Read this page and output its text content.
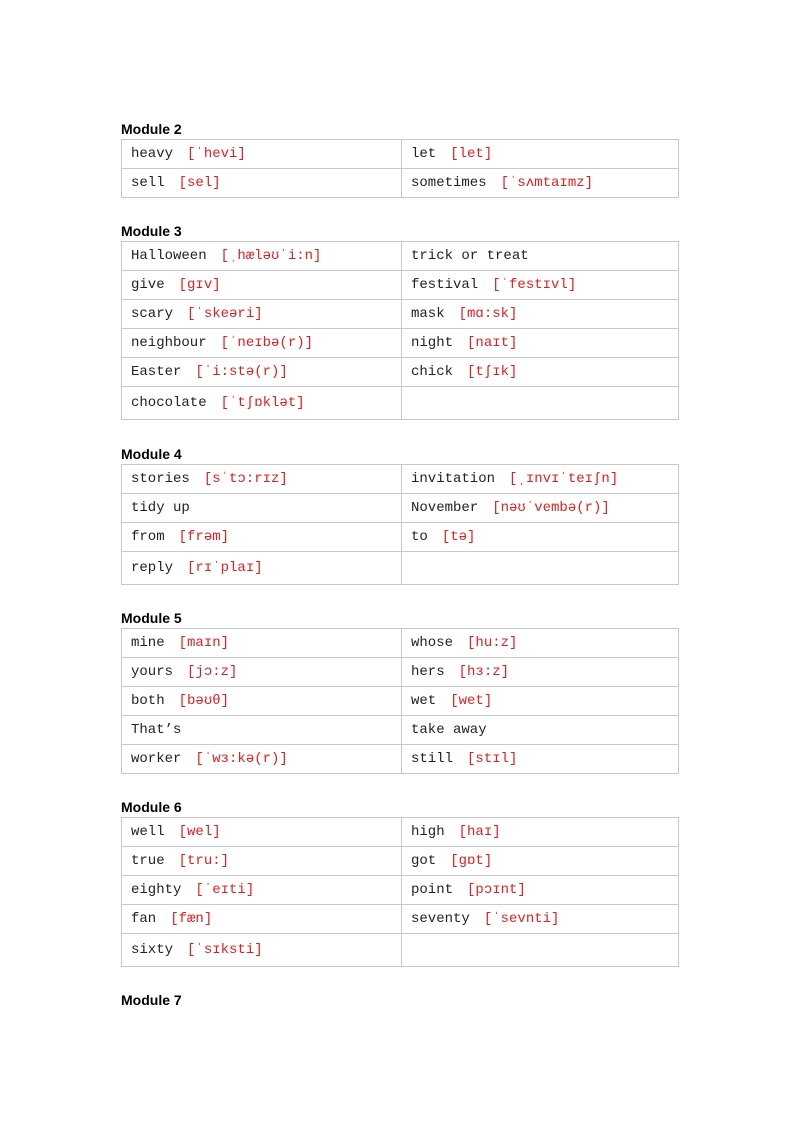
Module 2
heavy [ˈhevi]	let [let]
sell [sel]	sometimes [ˈsʌmtaɪmz]
Module 3
Halloween [ˌhæləʊˈi:n]	trick or treat
give [gɪv]	festival [ˈfestɪvl]
scary [ˈskeəri]	mask [mɑ:sk]
neighbour [ˈneɪbə(r)]	night [naɪt]
Easter [ˈi:stə(r)]	chick [tʃɪk]
chocolate [ˈtʃɒklət]	
Module 4
stories [sˈtɔ:rɪz]	invitation [ˌɪnvɪˈteɪʃn]
tidy up	November [nəʊˈvembə(r)]
from [frəm]	to [tə]
reply [rɪˈplaɪ]	
Module 5
mine [maɪn]	whose [hu:z]
yours [jɔ:z]	hers [hɜ:z]
both [bəʊθ]	wet [wet]
That’s	take away
worker [ˈwɜ:kə(r)]	still [stɪl]
Module 6
well [wel]	high [haɪ]
true [tru:]	got [gɒt]
eighty [ˈeɪti]	point [pɔɪnt]
fan [fæn]	seventy [ˈsevnti]
sixty [ˈsɪksti]	
Module 7
